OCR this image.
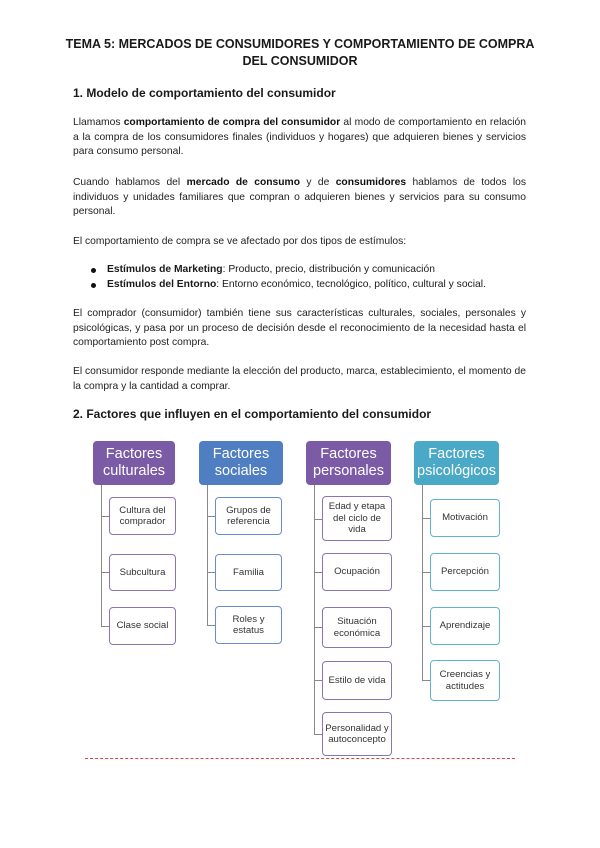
TEMA 5: MERCADOS DE CONSUMIDORES Y COMPORTAMIENTO DE COMPRA DEL CONSUMIDOR
1. Modelo de comportamiento del consumidor
Llamamos comportamiento de compra del consumidor al modo de comportamiento en relación a la compra de los consumidores finales (individuos y hogares) que adquieren bienes y servicios para consumo personal.
Cuando hablamos del mercado de consumo y de consumidores hablamos de todos los individuos y unidades familiares que compran o adquieren bienes y servicios para su consumo personal.
El comportamiento de compra se ve afectado por dos tipos de estímulos:
Estímulos de Marketing: Producto, precio, distribución y comunicación
Estímulos del Entorno: Entorno económico, tecnológico, político, cultural y social.
El comprador (consumidor) también tiene sus características culturales, sociales, personales y psicológicas, y pasa por un proceso de decisión desde el reconocimiento de la necesidad hasta el comportamiento post compra.
El consumidor responde mediante la elección del producto, marca, establecimiento, el momento de la compra y la cantidad a comprar.
2. Factores que influyen en el comportamiento del consumidor
Factores culturales
Cultura del comprador
Subcultura
Clase social
Factores sociales
Grupos de referencia
Familia
Roles y estatus
Factores personales
Edad y etapa del ciclo de vida
Ocupación
Situación económica
Estilo de vida
Personalidad y autoconcepto
Factores psicológicos
Motivación
Percepción
Aprendizaje
Creencias y actitudes
